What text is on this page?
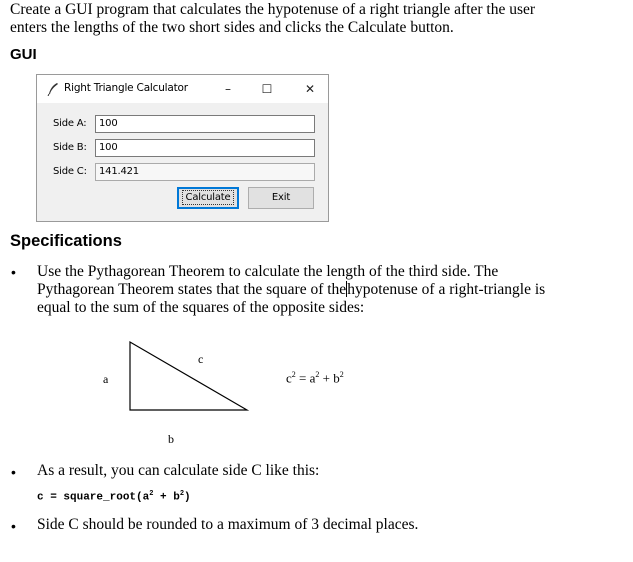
Create a GUI program that calculates the hypotenuse of a right triangle after the user
enters the lengths of the two short sides and clicks the Calculate button.
GUI
Right Triangle Calculator	–	☐	✕
Side A:	100
Side B:	100
Side C:	141.421
Calculate	Exit
Specifications
• Use the Pythagorean Theorem to calculate the length of the third side. The
Pythagorean Theorem states that the square of thehypotenuse of a right-triangle is
equal to the sum of the squares of the opposite sides:
a
c
b
$c^2 = a^2 + b^2$
• As a result, you can calculate side C like this:
$c = square\_root(a^2 + b^2)$
• Side C should be rounded to a maximum of 3 decimal places.
